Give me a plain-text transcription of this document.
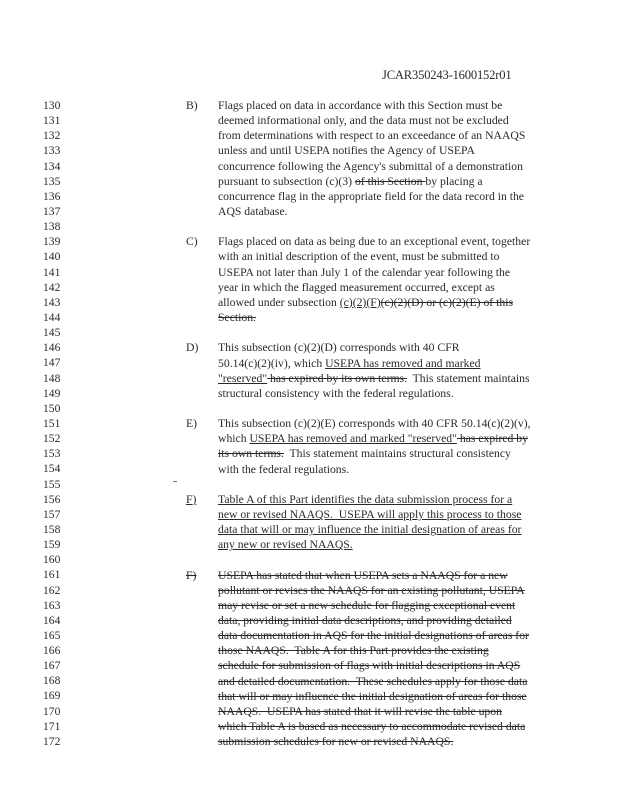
JCAR350243-1600152r01
130
131
132
133
134
135
136
137
138
139
140
141
142
143
144
145
146
147
148
149
150
151
152
153
154
155
156
157
158
159
160
161
162
163
164
165
166
167
168
169
170
171
172
B) Flags placed on data in accordance with this Section must be
deemed informational only, and the data must not be excluded
from determinations with respect to an exceedance of an NAAQS
unless and until USEPA notifies the Agency of USEPA
concurrence following the Agency's submittal of a demonstration
pursuant to subsection (c)(3) of this Section by placing a
concurrence flag in the appropriate field for the data record in the
AQS database.
C) Flags placed on data as being due to an exceptional event, together
with an initial description of the event, must be submitted to
USEPA not later than July 1 of the calendar year following the
year in which the flagged measurement occurred, except as
allowed under subsection (c)(2)(F)(c)(2)(D) or (c)(2)(E) of this
Section.
D) This subsection (c)(2)(D) corresponds with 40 CFR
50.14(c)(2)(iv), which USEPA has removed and marked
"reserved" has expired by its own terms.  This statement maintains
structural consistency with the federal regulations.
E) This subsection (c)(2)(E) corresponds with 40 CFR 50.14(c)(2)(v),
which USEPA has removed and marked "reserved" has expired by
its own terms.  This statement maintains structural consistency
with the federal regulations.
F) Table A of this Part identifies the data submission process for a
new or revised NAAQS.  USEPA will apply this process to those
data that will or may influence the initial designation of areas for
any new or revised NAAQS.
F) USEPA has stated that when USEPA sets a NAAQS for a new
pollutant or revises the NAAQS for an existing pollutant, USEPA
may revise or set a new schedule for flagging exceptional event
data, providing initial data descriptions, and providing detailed
data documentation in AQS for the initial designations of areas for
those NAAQS.  Table A for this Part provides the existing
schedule for submission of flags with initial descriptions in AQS
and detailed documentation.  These schedules apply for those data
that will or may influence the initial designation of areas for those
NAAQS.  USEPA has stated that it will revise the table upon
which Table A is based as necessary to accommodate revised data
submission schedules for new or revised NAAQS.
